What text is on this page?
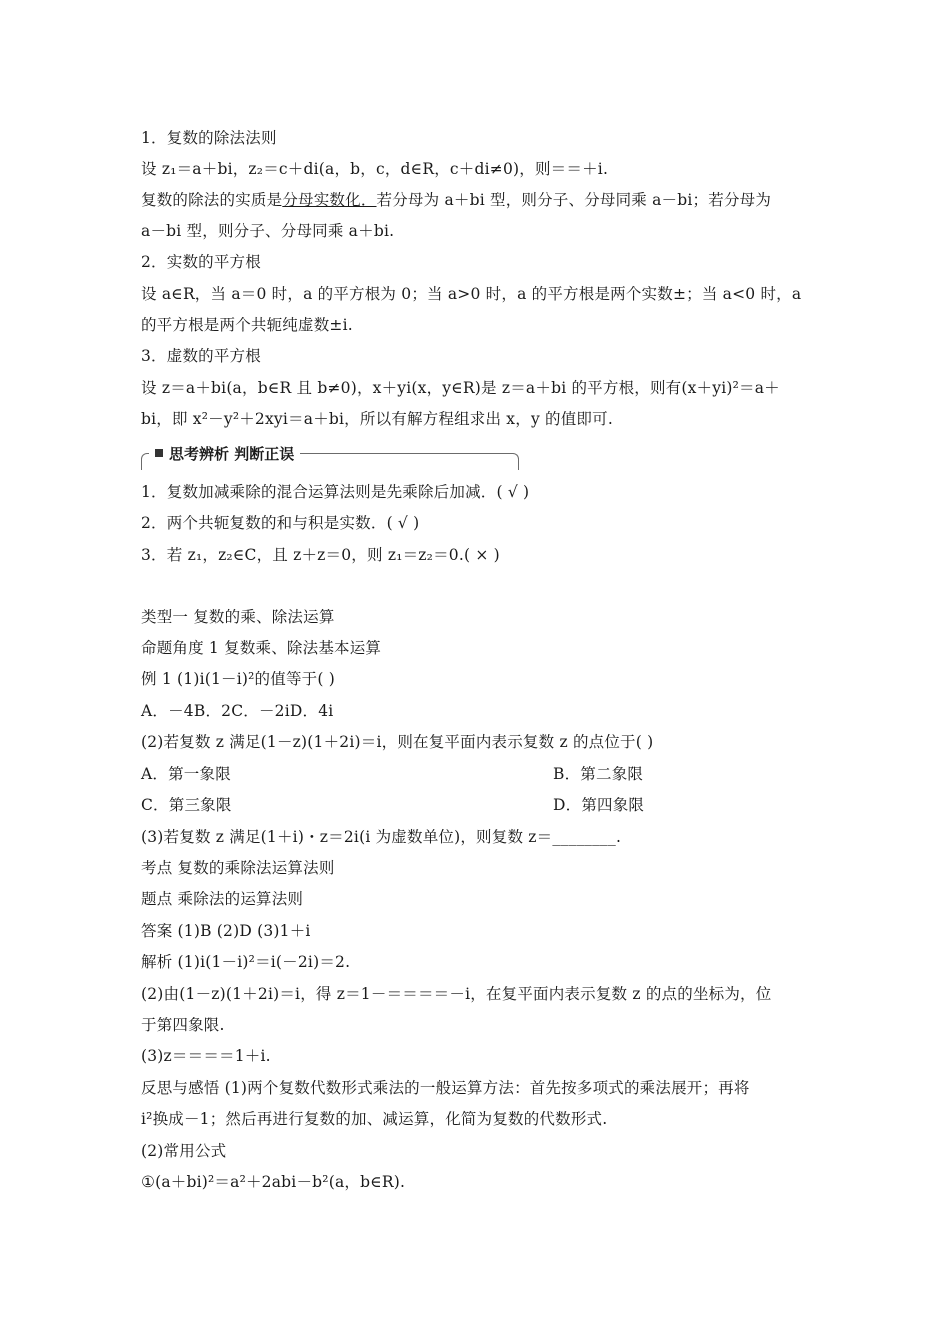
1．复数的除法法则
设 z₁＝a＋bi，z₂＝c＋di(a，b，c，d∈R，c＋di≠0)，则＝＝＋i.
复数的除法的实质是分母实数化．若分母为 a＋bi 型，则分子、分母同乘 a－bi；若分母为
a－bi 型，则分子、分母同乘 a＋bi.
2．实数的平方根
设 a∈R，当 a＝0 时，a 的平方根为 0；当 a>0 时，a 的平方根是两个实数±；当 a<0 时，a
的平方根是两个共轭纯虚数±i.
3．虚数的平方根
设 z＝a＋bi(a，b∈R 且 b≠0)，x＋yi(x，y∈R)是 z＝a＋bi 的平方根，则有(x＋yi)²＝a＋
bi，即 x²－y²＋2xyi＝a＋bi，所以有解方程组求出 x，y 的值即可.
思考辨析 判断正误
1．复数加减乘除的混合运算法则是先乘除后加减．( √ )
2．两个共轭复数的和与积是实数．( √ )
3．若 z₁，z₂∈C，且 z＋z＝0，则 z₁＝z₂＝0.( × )
类型一 复数的乘、除法运算
命题角度 1 复数乘、除法基本运算
例 1 (1)i(1－i)²的值等于( )
A．－4B．2C．－2iD．4i
(2)若复数 z 满足(1－z)(1＋2i)＝i，则在复平面内表示复数 z 的点位于( )
A．第一象限	B．第二象限
C．第三象限	D．第四象限
(3)若复数 z 满足(1＋i)・z＝2i(i 为虚数单位)，则复数 z＝________.
考点 复数的乘除法运算法则
题点 乘除法的运算法则
答案 (1)B (2)D (3)1＋i
解析 (1)i(1－i)²＝i(－2i)＝2.
(2)由(1－z)(1＋2i)＝i，得 z＝1－＝＝＝＝－i，在复平面内表示复数 z 的点的坐标为，位
于第四象限.
(3)z＝＝＝＝1＋i.
反思与感悟 (1)两个复数代数形式乘法的一般运算方法：首先按多项式的乘法展开；再将
i²换成－1；然后再进行复数的加、减运算，化简为复数的代数形式.
(2)常用公式
①(a＋bi)²＝a²＋2abi－b²(a，b∈R).
